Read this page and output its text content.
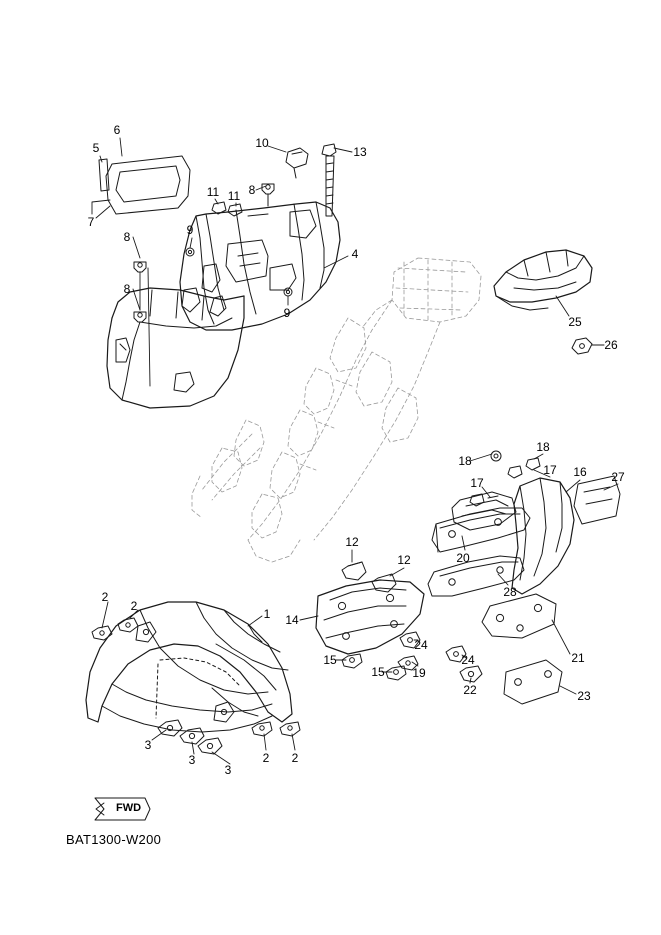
FWD
BAT1300-W200
5
6
7
8
8
8
9
9
10
11 11
13
4
25
26
18
18
17
17
16 27
20
28
12
12
14
15
15 19
24
24
22
21
23
1
2
2
2 2
3
3
3
